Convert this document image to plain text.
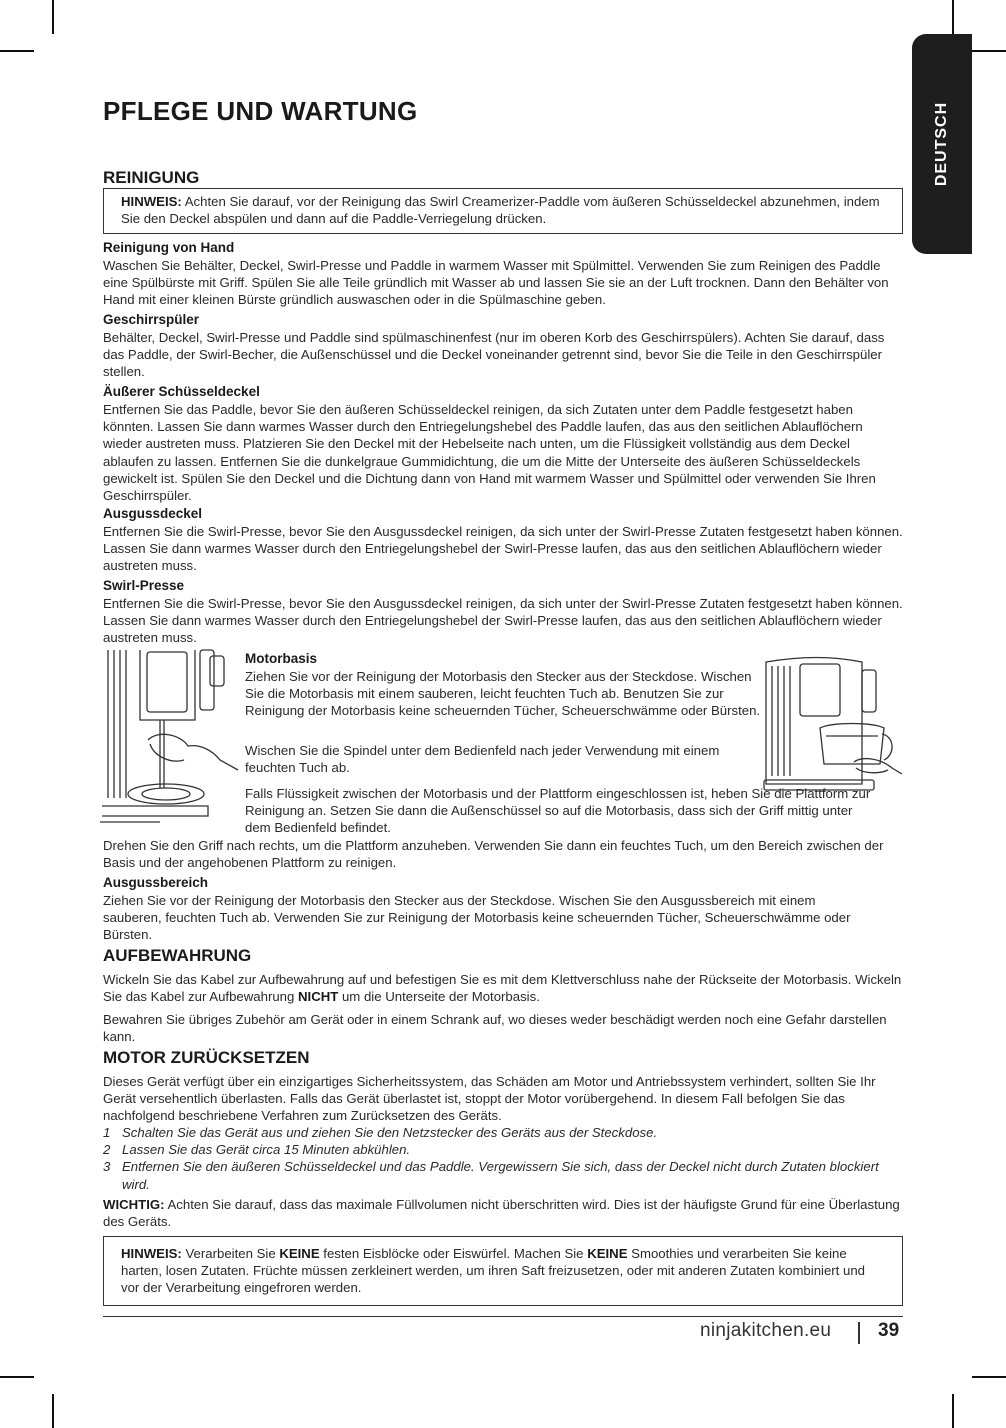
DEUTSCH
PFLEGE UND WARTUNG
REINIGUNG
HINWEIS: Achten Sie darauf, vor der Reinigung das Swirl Creamerizer-Paddle vom äußeren Schüsseldeckel abzunehmen, indem Sie den Deckel abspülen und dann auf die Paddle-Verriegelung drücken.
Reinigung von Hand

Waschen Sie Behälter, Deckel, Swirl-Presse und Paddle in warmem Wasser mit Spülmittel. Verwenden Sie zum Reinigen des Paddle eine Spülbürste mit Griff. Spülen Sie alle Teile gründlich mit Wasser ab und lassen Sie sie an der Luft trocknen. Dann den Behälter von Hand mit einer kleinen Bürste gründlich auswaschen oder in die Spülmaschine geben.

Geschirrspüler

Behälter, Deckel, Swirl-Presse und Paddle sind spülmaschinenfest (nur im oberen Korb des Geschirrspülers). Achten Sie darauf, dass das Paddle, der Swirl-Becher, die Außenschüssel und die Deckel voneinander getrennt sind, bevor Sie die Teile in den Geschirrspüler stellen.

Äußerer Schüsseldeckel

Entfernen Sie das Paddle, bevor Sie den äußeren Schüsseldeckel reinigen, da sich Zutaten unter dem Paddle festgesetzt haben könnten. Lassen Sie dann warmes Wasser durch den Entriegelungshebel des Paddle laufen, das aus den seitlichen Ablauflöchern wieder austreten muss. Platzieren Sie den Deckel mit der Hebelseite nach unten, um die Flüssigkeit vollständig aus dem Deckel ablaufen zu lassen. Entfernen Sie die dunkelgraue Gummidichtung, die um die Mitte der Unterseite des äußeren Schüsseldeckels gewickelt ist. Spülen Sie den Deckel und die Dichtung dann von Hand mit warmem Wasser und Spülmittel oder verwenden Sie Ihren Geschirrspüler.

Ausgussdeckel

Entfernen Sie die Swirl-Presse, bevor Sie den Ausgussdeckel reinigen, da sich unter der Swirl-Presse Zutaten festgesetzt haben können. Lassen Sie dann warmes Wasser durch den Entriegelungshebel der Swirl-Presse laufen, das aus den seitlichen Ablauflöchern wieder austreten muss.

Swirl-Presse

Entfernen Sie die Swirl-Presse, bevor Sie den Ausgussdeckel reinigen, da sich unter der Swirl-Presse Zutaten festgesetzt haben können. Lassen Sie dann warmes Wasser durch den Entriegelungshebel der Swirl-Presse laufen, das aus den seitlichen Ablauflöchern wieder austreten muss.

Motorbasis

Ziehen Sie vor der Reinigung der Motorbasis den Stecker aus der Steckdose. Wischen Sie die Motorbasis mit einem sauberen, leicht feuchten Tuch ab. Benutzen Sie zur Reinigung der Motorbasis keine scheuernden Tücher, Scheuerschwämme oder Bürsten.

Wischen Sie die Spindel unter dem Bedienfeld nach jeder Verwendung mit einem feuchten Tuch ab.

Falls Flüssigkeit zwischen der Motorbasis und der Plattform eingeschlossen ist, heben Sie die Plattform zur Reinigung an. Setzen Sie dann die Außenschüssel so auf die Motorbasis, dass sich der Griff mittig unter dem Bedienfeld befindet.

Drehen Sie den Griff nach rechts, um die Plattform anzuheben. Verwenden Sie dann ein feuchtes Tuch, um den Bereich zwischen der Basis und der angehobenen Plattform zu reinigen.

Ausgussbereich

Ziehen Sie vor der Reinigung der Motorbasis den Stecker aus der Steckdose. Wischen Sie den Ausgussbereich mit einem sauberen, feuchten Tuch ab. Verwenden Sie zur Reinigung der Motorbasis keine scheuernden Tücher, Scheuerschwämme oder Bürsten.

AUFBEWAHRUNG

Wickeln Sie das Kabel zur Aufbewahrung auf und befestigen Sie es mit dem Klettverschluss nahe der Rückseite der Motorbasis. Wickeln Sie das Kabel zur Aufbewahrung NICHT um die Unterseite der Motorbasis.

Bewahren Sie übriges Zubehör am Gerät oder in einem Schrank auf, wo dieses weder beschädigt werden noch eine Gefahr darstellen kann.

MOTOR ZURÜCKSETZEN

Dieses Gerät verfügt über ein einzigartiges Sicherheitssystem, das Schäden am Motor und Antriebssystem verhindert, sollten Sie Ihr Gerät versehentlich überlasten. Falls das Gerät überlastet ist, stoppt der Motor vorübergehend. In diesem Fall befolgen Sie das nachfolgend beschriebene Verfahren zum Zurücksetzen des Geräts.

1 Schalten Sie das Gerät aus und ziehen Sie den Netzstecker des Geräts aus der Steckdose.
2 Lassen Sie das Gerät circa 15 Minuten abkühlen.
3 Entfernen Sie den äußeren Schüsseldeckel und das Paddle. Vergewissern Sie sich, dass der Deckel nicht durch Zutaten blockiert wird.

WICHTIG: Achten Sie darauf, dass das maximale Füllvolumen nicht überschritten wird. Dies ist der häufigste Grund für eine Überlastung des Geräts.

HINWEIS: Verarbeiten Sie KEINE festen Eisblöcke oder Eiswürfel. Machen Sie KEINE Smoothies und verarbeiten Sie keine harten, losen Zutaten. Früchte müssen zerkleinert werden, um ihren Saft freizusetzen, oder mit anderen Zutaten kombiniert und vor der Verarbeitung eingefroren werden.
ninjakitchen.eu 39
